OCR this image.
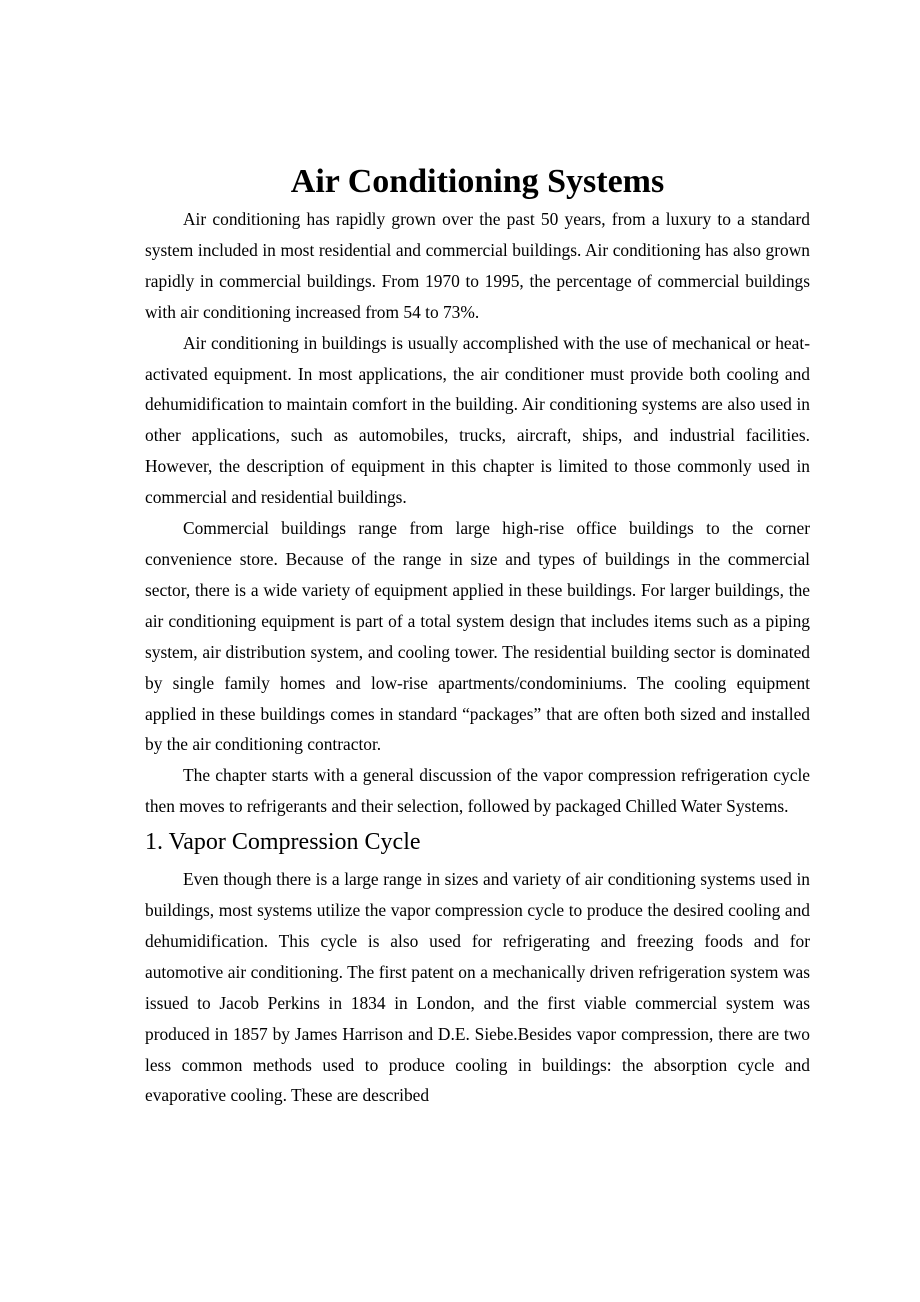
Air Conditioning Systems

Air conditioning has rapidly grown over the past 50 years, from a luxury to a standard system included in most residential and commercial buildings. Air conditioning has also grown rapidly in commercial buildings. From 1970 to 1995, the percentage of commercial buildings with air conditioning increased from 54 to 73%.

Air conditioning in buildings is usually accomplished with the use of mechanical or heat-activated equipment. In most applications, the air conditioner must provide both cooling and dehumidification to maintain comfort in the building. Air conditioning systems are also used in other applications, such as automobiles, trucks, aircraft, ships, and industrial facilities. However, the description of equipment in this chapter is limited to those commonly used in commercial and residential buildings.

Commercial buildings range from large high-rise office buildings to the corner convenience store. Because of the range in size and types of buildings in the commercial sector, there is a wide variety of equipment applied in these buildings. For larger buildings, the air conditioning equipment is part of a total system design that includes items such as a piping system, air distribution system, and cooling tower. The residential building sector is dominated by single family homes and low-rise apartments/condominiums. The cooling equipment applied in these buildings comes in standard “packages” that are often both sized and installed by the air conditioning contractor.

The chapter starts with a general discussion of the vapor compression refrigeration cycle then moves to refrigerants and their selection, followed by packaged Chilled Water Systems.

1. Vapor Compression Cycle

Even though there is a large range in sizes and variety of air conditioning systems used in buildings, most systems utilize the vapor compression cycle to produce the desired cooling and dehumidification. This cycle is also used for refrigerating and freezing foods and for automotive air conditioning. The first patent on a mechanically driven refrigeration system was issued to Jacob Perkins in 1834 in London, and the first viable commercial system was produced in 1857 by James Harrison and D.E. Siebe.Besides vapor compression, there are two less common methods used to produce cooling in buildings: the absorption cycle and evaporative cooling. These are described
